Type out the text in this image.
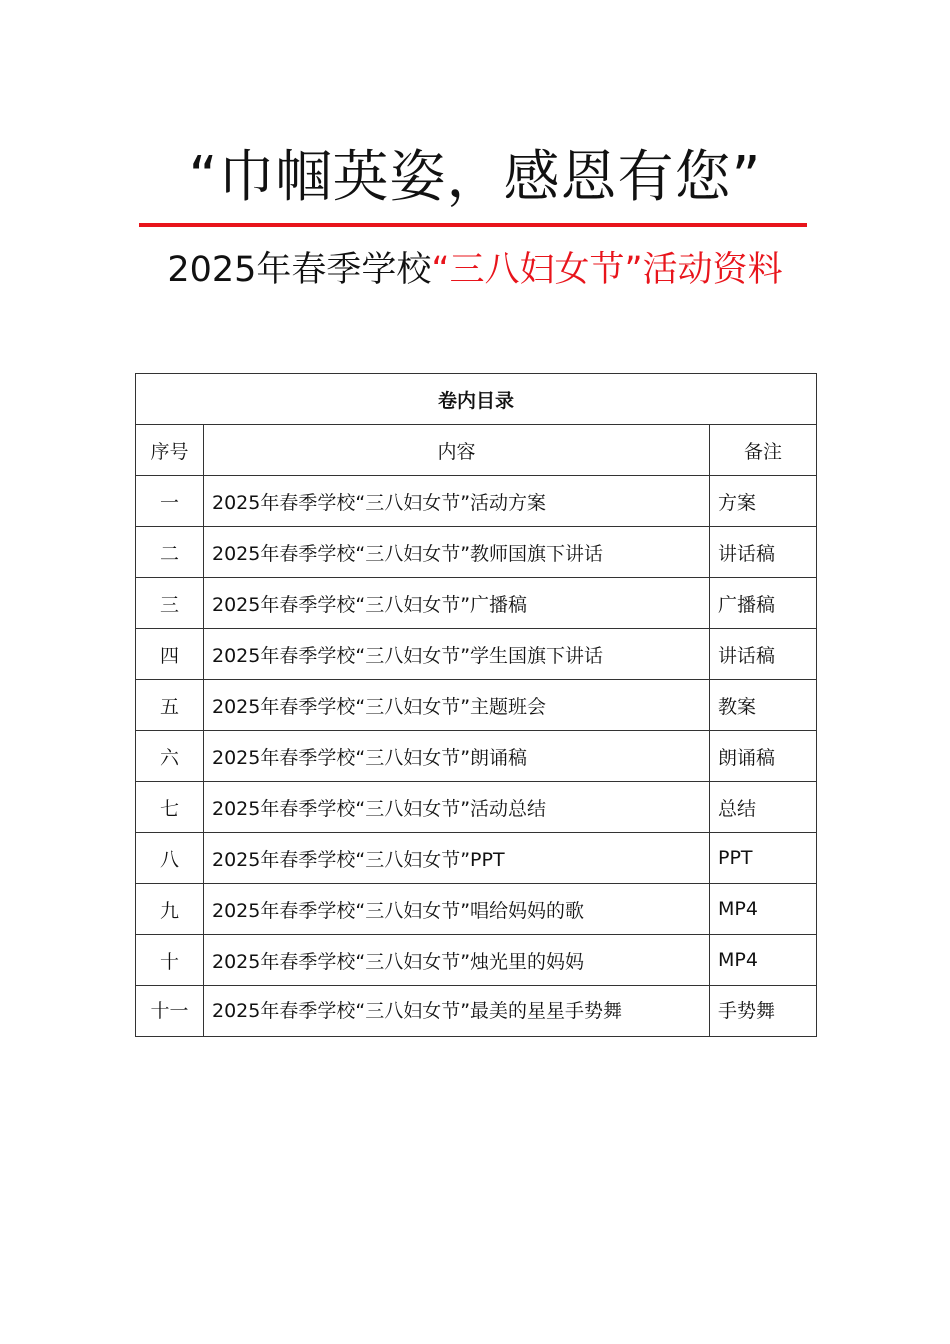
“巾帼英姿，感恩有您”
2025年春季学校“三八妇女节”活动资料
卷内目录		
序号	内容	备注
一	2025年春季学校“三八妇女节”活动方案	方案
二	2025年春季学校“三八妇女节”教师国旗下讲话	讲话稿
三	2025年春季学校“三八妇女节”广播稿	广播稿
四	2025年春季学校“三八妇女节”学生国旗下讲话	讲话稿
五	2025年春季学校“三八妇女节”主题班会	教案
六	2025年春季学校“三八妇女节”朗诵稿	朗诵稿
七	2025年春季学校“三八妇女节”活动总结	总结
八	2025年春季学校“三八妇女节”PPT	PPT
九	2025年春季学校“三八妇女节”唱给妈妈的歌	MP4
十	2025年春季学校“三八妇女节”烛光里的妈妈	MP4
十一	2025年春季学校“三八妇女节”最美的星星手势舞	手势舞
